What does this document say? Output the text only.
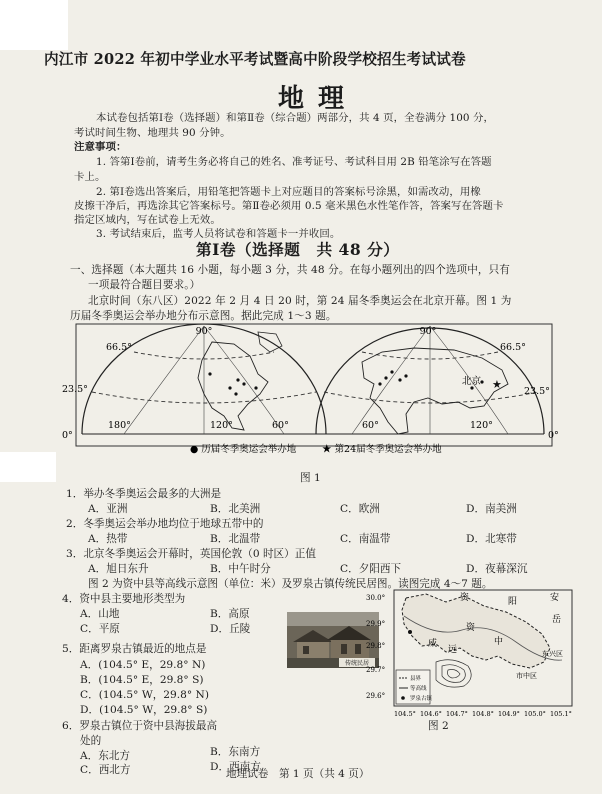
内江市 2022 年初中学业水平考试暨高中阶段学校招生考试试卷
地理
本试卷包括第Ⅰ卷（选择题）和第Ⅱ卷（综合题）两部分，共 4 页，全卷满分 100 分，
考试时间生物、地理共 90 分钟。
注意事项：
1. 答第Ⅰ卷前，请考生务必将自己的姓名、准考证号、考试科目用 2B 铅笔涂写在答题
卡上。
2. 第Ⅰ卷选出答案后，用铅笔把答题卡上对应题目的答案标号涂黑，如需改动，用橡
皮擦干净后，再选涂其它答案标号。第Ⅱ卷必须用 0.5 毫米黑色水性笔作答，答案写在答题卡
指定区域内，写在试卷上无效。
3. 考试结束后，监考人员将试卷和答题卡一并收回。
第Ⅰ卷（选择题　共 48 分）
一、选择题（本大题共 16 小题，每小题 3 分，共 48 分。在每小题列出的四个选项中，只有
一项最符合题目要求。）
北京时间（东八区）2022 年 2 月 4 日 20 时，第 24 届冬季奥运会在北京开幕。图 1 为
历届冬季奥运会举办地分布示意图。据此完成 1～3 题。
★
90°	90°
66.5°	66.5°
23.5°	23.5°
0°	0°
180°	120°	60°	60°	120°
北京
● 历届冬季奥运会举办地	★ 第24届冬季奥运会举办地
图 1
1．举办冬季奥运会最多的大洲是
A．亚洲	B．北美洲	C．欧洲	D．南美洲
2．冬季奥运会举办地均位于地球五带中的
A．热带	B．北温带	C．南温带	D．北寒带
3．北京冬季奥运会开幕时，英国伦敦（0 时区）正值
A．旭日东升	B．中午时分	C．夕阳西下	D．夜幕深沉
图 2 为资中县等高线示意图（单位：米）及罗泉古镇传统民居图。读图完成 4～7 题。
4．资中县主要地形类型为
A．山地	B．高原
C．平原	D．丘陵
5．距离罗泉古镇最近的地点是
A．(104.5° E，29.8° N)
B．(104.5° E，29.8° S)
C．(104.5° W，29.8° N)
D．(104.5° W，29.8° S)
6．罗泉古镇位于资中县海拔最高
处的
A．东北方	B．东南方
C．西北方	D．西南方
传统民居
县界
等高线
罗泉古镇
30.0°
29.9°
29.8°
29.7°
29.6°
104.5° 104.6° 104.7° 104.8° 104.9° 105.0° 105.1°
资	阳	安
岳
资
中
威
远	东兴区
市中区
图 2
地理试卷　第 1 页（共 4 页）
